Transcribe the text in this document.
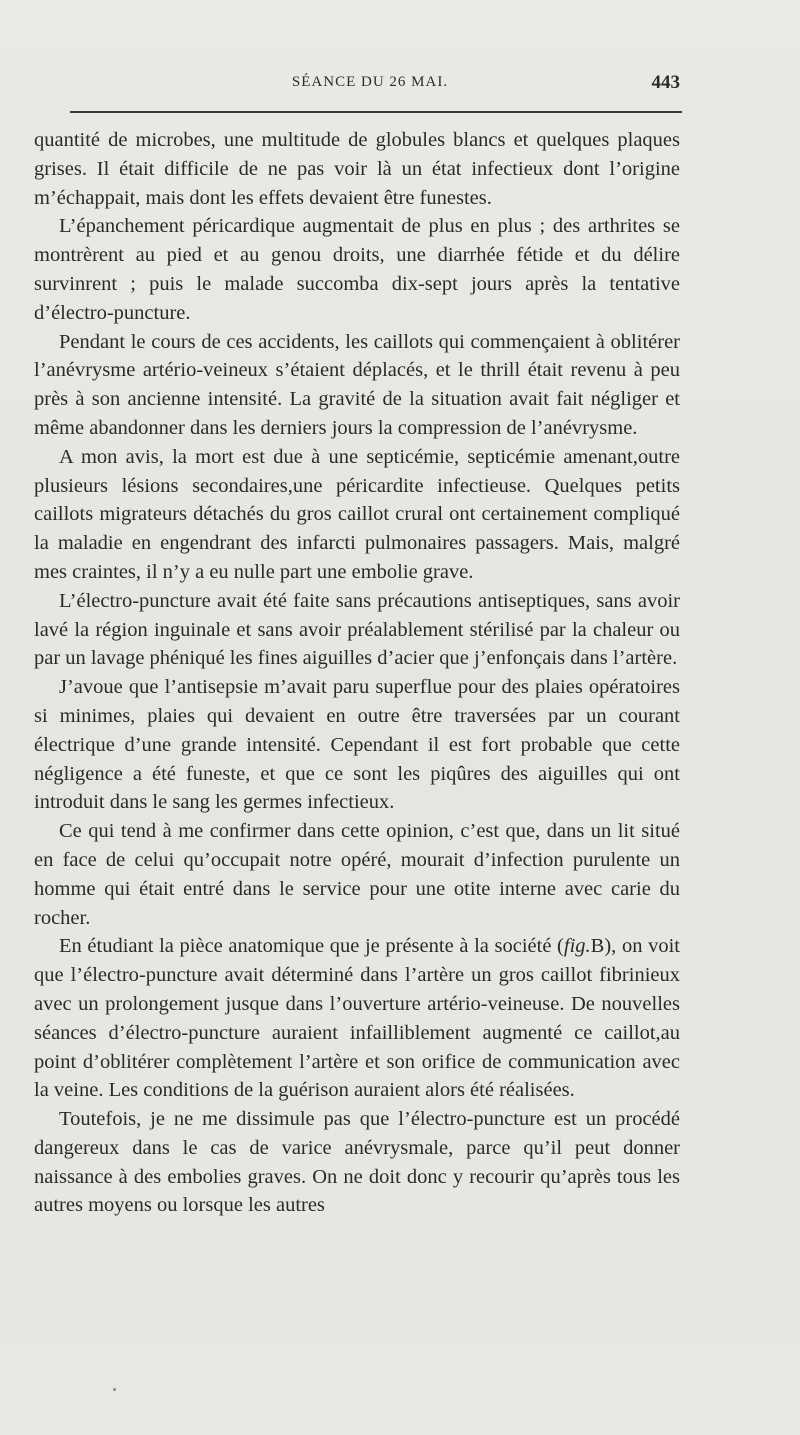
SÉANCE DU 26 MAI.	443

quantité de microbes, une multitude de globules blancs et quelques plaques grises. Il était difficile de ne pas voir là un état infectieux dont l’origine m’échappait, mais dont les effets devaient être funestes.

L’épanchement péricardique augmentait de plus en plus ; des arthrites se montrèrent au pied et au genou droits, une diarrhée fétide et du délire survinrent ; puis le malade succomba dix-sept jours après la tentative d’électro-puncture.

Pendant le cours de ces accidents, les caillots qui commençaient à oblitérer l’anévrysme artério-veineux s’étaient déplacés, et le thrill était revenu à peu près à son ancienne intensité. La gravité de la situation avait fait négliger et même abandonner dans les derniers jours la compression de l’anévrysme.

A mon avis, la mort est due à une septicémie, septicémie amenant,outre plusieurs lésions secondaires,une péricardite infectieuse. Quelques petits caillots migrateurs détachés du gros caillot crural ont certainement compliqué la maladie en engendrant des infarcti pulmonaires passagers. Mais, malgré mes craintes, il n’y a eu nulle part une embolie grave.

L’électro-puncture avait été faite sans précautions antiseptiques, sans avoir lavé la région inguinale et sans avoir préalablement stérilisé par la chaleur ou par un lavage phéniqué les fines aiguilles d’acier que j’enfonçais dans l’artère.

J’avoue que l’antisepsie m’avait paru superflue pour des plaies opératoires si minimes, plaies qui devaient en outre être traversées par un courant électrique d’une grande intensité. Cependant il est fort probable que cette négligence a été funeste, et que ce sont les piqûres des aiguilles qui ont introduit dans le sang les germes infectieux.

Ce qui tend à me confirmer dans cette opinion, c’est que, dans un lit situé en face de celui qu’occupait notre opéré, mourait d’infection purulente un homme qui était entré dans le service pour une otite interne avec carie du rocher.

En étudiant la pièce anatomique que je présente à la société (fig.B), on voit que l’électro-puncture avait déterminé dans l’artère un gros caillot fibrinieux avec un prolongement jusque dans l’ouverture artério-veineuse. De nouvelles séances d’électro-puncture auraient infailliblement augmenté ce caillot,au point d’oblitérer complètement l’artère et son orifice de communication avec la veine. Les conditions de la guérison auraient alors été réalisées.

Toutefois, je ne me dissimule pas que l’électro-puncture est un procédé dangereux dans le cas de varice anévrysmale, parce qu’il peut donner naissance à des embolies graves. On ne doit donc y recourir qu’après tous les autres moyens ou lorsque les autres
